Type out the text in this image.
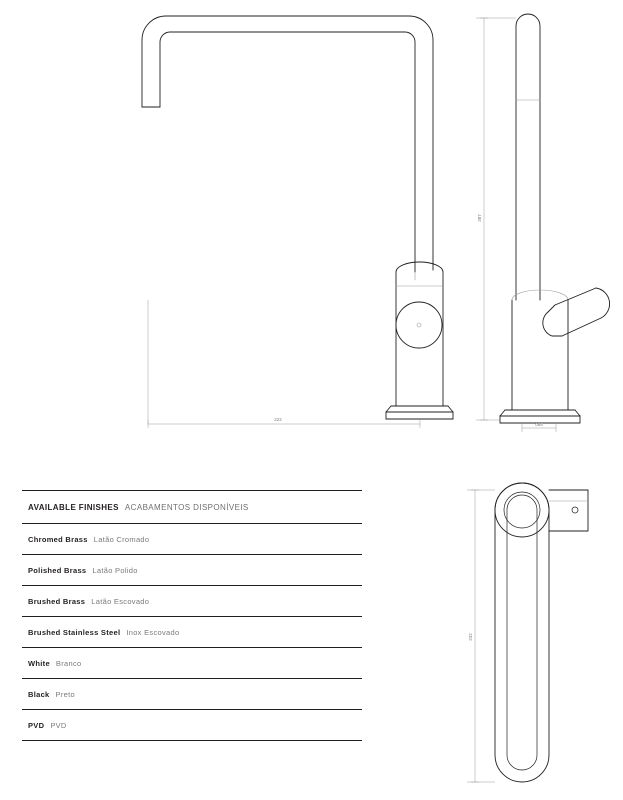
222
387
055
AVAILABLE FINISHES ACABAMENTOS DISPONÍVEIS
Chromed Brass Latão Cromado
Polished Brass Latão Polido
Brushed Brass Latão Escovado
Brushed Stainless Steel Inox Escovado
White Branco
Black Preto
PVD PVD
232
